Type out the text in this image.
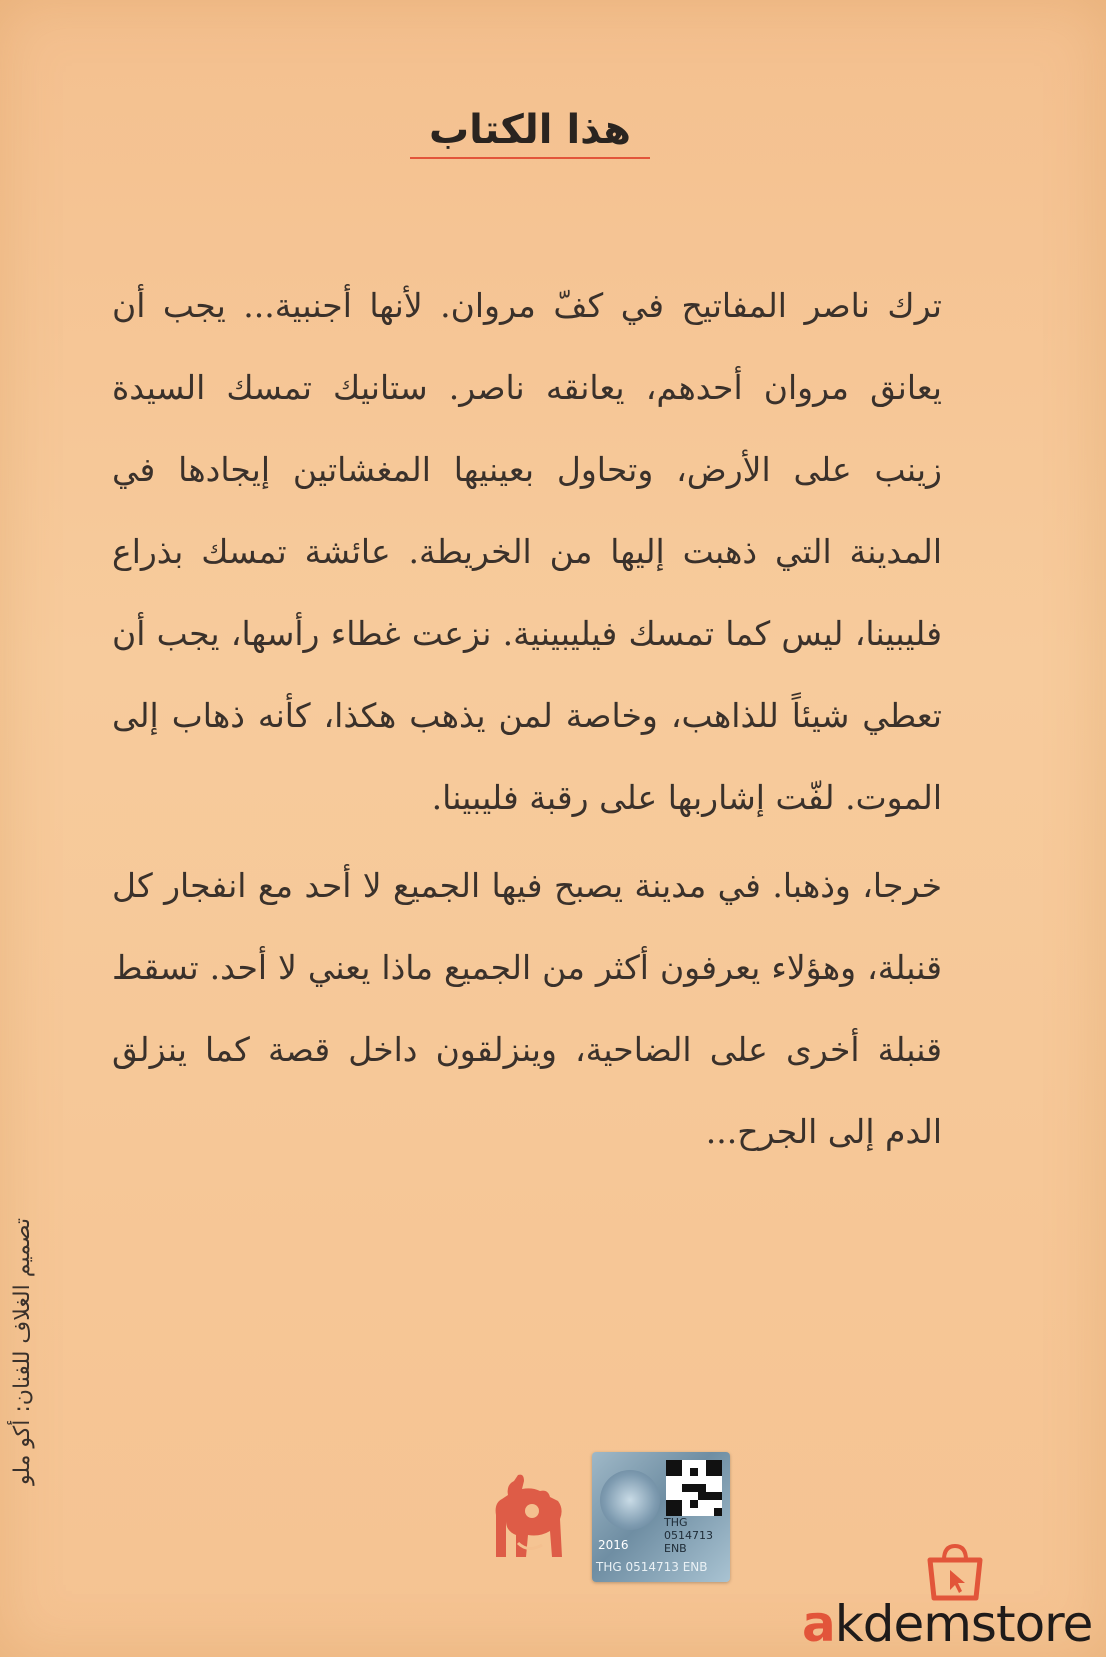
هذا الكتاب

ترك ناصر المفاتيح في كفّ مروان. لأنها أجنبية... يجب أن يعانق مروان أحدهم، يعانقه ناصر. ستانيك تمسك السيدة زينب على الأرض، وتحاول بعينيها المغشاتين إيجادها في المدينة التي ذهبت إليها من الخريطة. عائشة تمسك بذراع فليبينا، ليس كما تمسك فيليبينية. نزعت غطاء رأسها، يجب أن تعطي شيئاً للذاهب، وخاصة لمن يذهب هكذا، كأنه ذهاب إلى الموت. لفّت إشاربها على رقبة فليبينا.

خرجا، وذهبا. في مدينة يصبح فيها الجميع لا أحد مع انفجار كل قنبلة، وهؤلاء يعرفون أكثر من الجميع ماذا يعني لا أحد. تسقط قنبلة أخرى على الضاحية، وينزلقون داخل قصة كما ينزلق الدم إلى الجرح...

تصميم الغلاف للفنان: أكو ملو
THG
0514713
ENB
2016
THG 0514713 ENB
akdemstore
